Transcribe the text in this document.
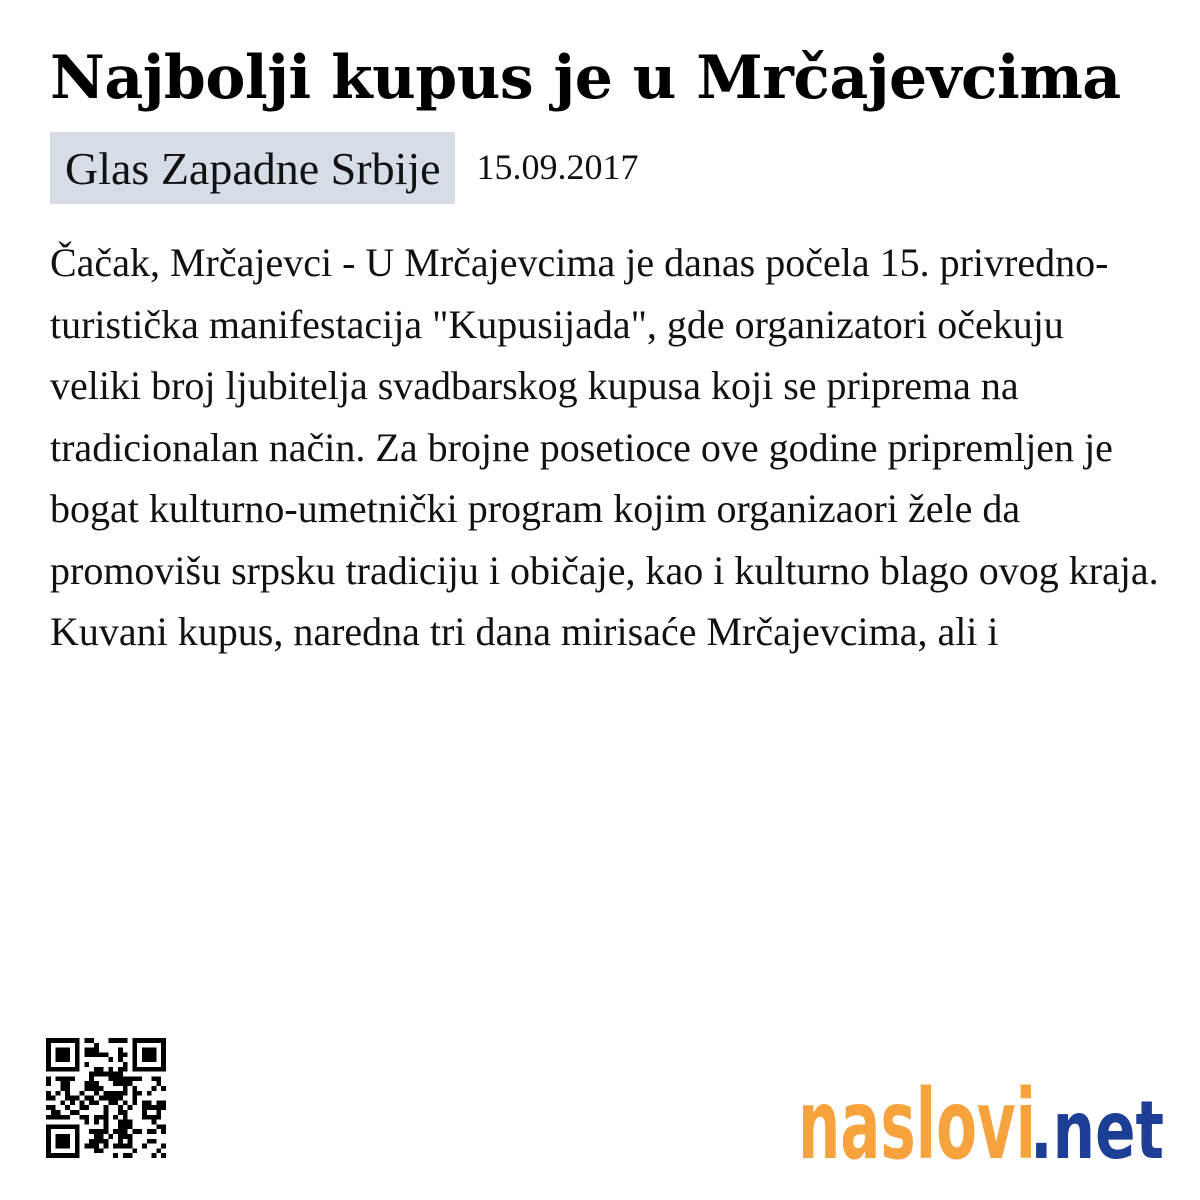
Najbolji kupus je u Mrčajevcima
Glas Zapadne Srbije	15.09.2017

Čačak, Mrčajevci - U Mrčajevcima je danas počela 15. privredno-turistička manifestacija "Kupusijada", gde organizatori očekuju veliki broj ljubitelja svadbarskog kupusa koji se priprema na tradicionalan način. Za brojne posetioce ove godine pripremljen je bogat kulturno-umetnički program kojim organizaori žele da promovišu srpsku tradiciju i običaje, kao i kulturno blago ovog kraja. Kuvani kupus, naredna tri dana mirisaće Mrčajevcima, ali i

naslovi
.net
